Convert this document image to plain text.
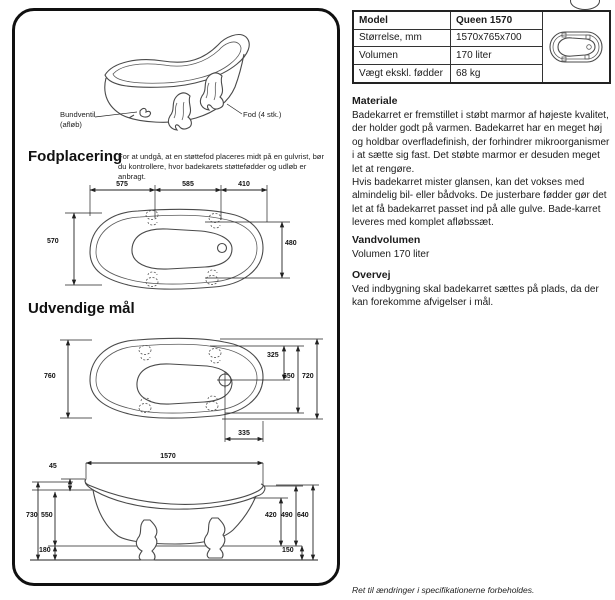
Bundventil
(afløb)
Fod (4 stk.)
Fodplacering
For at undgå, at en støttefod placeres midt på en gulvrist, bør du kontrollere, hvor badekarets støttefødder og udløb er anbragt.
575	585	410
570	480
Udvendige mål
760
325
650 720
335
1570
45
730 550
180
420 490 640
150
Model	Queen 1570
Størrelse, mm	1570x765x700
Volumen	170 liter
Vægt ekskl. fødder	68 kg
Materiale

Badekarret er fremstillet i støbt marmor af højeste kvalitet, der holder godt på varmen. Badekarret har en meget høj og holdbar overfladefinish, der forhindrer mikroorganismer i at sætte sig fast. Det støbte marmor er desuden meget let at rengøre.

Hvis badekarret mister glansen, kan det vokses med almindelig bil- eller bådvoks. De justerbare fødder gør det let at få badekarret passet ind på alle gulve. Bade-karret leveres med komplet afløbssæt.

Vandvolumen

Volumen 170 liter

Overvej

Ved indbygning skal badekarret sættes på plads, da der kan forekomme afvigelser i mål.

Ret til ændringer i specifikationerne forbeholdes.
